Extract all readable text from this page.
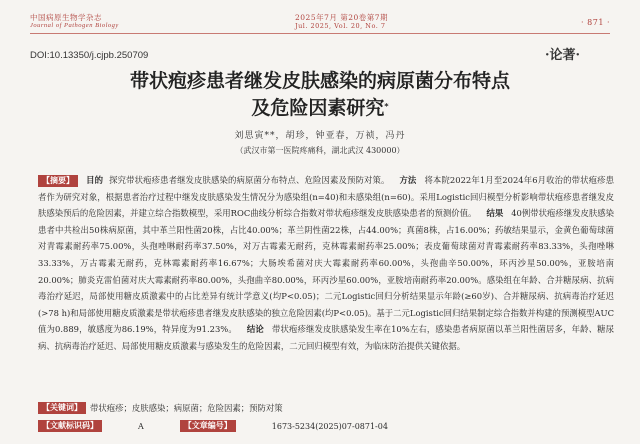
中国病原生物学杂志
Journal of Pathogen Biology
2025年7月 第20卷第7期
Jul. 2025, Vol. 20, No. 7	· 871 ·
DOI:10.13350/j.cjpb.250709	·论著·
带状疱疹患者继发皮肤感染的病原菌分布特点
及危险因素研究*
刘思寅**，胡珍，钟亚春，万祯，冯丹
（武汉市第一医院疼痛科，湖北武汉 430000）
【摘要】 目的 探究带状疱疹患者继发皮肤感染的病原菌分布特点、危险因素及预防对策。 方法 将本院2022年1月至2024年6月收治的带状疱疹患者作为研究对象，根据患者治疗过程中继发皮肤感染发生情况分为感染组(n=40)和未感染组(n=60)。采用Logistic回归模型分析影响带状疱疹患者继发皮肤感染预后的危险因素，并建立综合指数模型，采用ROC曲线分析综合指数对带状疱疹继发皮肤感染患者的预测价值。 结果 40例带状疱疹继发皮肤感染患者中共检出50株病原菌，其中革兰阳性菌20株，占比40.00%；革兰阴性菌22株，占44.00%；真菌8株，占16.00%；药敏结果显示，金黄色葡萄球菌对青霉素耐药率75.00%，头孢唑啉耐药率37.50%，对万古霉素无耐药，克林霉素耐药率25.00%；表皮葡萄球菌对青霉素耐药率83.33%，头孢唑啉33.33%，万古霉素无耐药，克林霉素耐药率16.67%；大肠埃希菌对庆大霉素耐药率60.00%，头孢曲辛50.00%，环丙沙星50.00%，亚胺培南20.00%；肺炎克雷伯菌对庆大霉素耐药率80.00%，头孢曲辛80.00%，环丙沙星60.00%，亚胺培南耐药率20.00%。感染组在年龄、合并糖尿病、抗病毒治疗延迟，局部使用糖皮质激素中的占比差异有统计学意义(均P<0.05)；二元Logistic回归分析结果显示年龄(≥60岁)、合并糖尿病、抗病毒治疗延迟(>78 h)和局部使用糖皮质激素是带状疱疹患者继发皮肤感染的独立危险因素(均P<0.05)。基于二元Logistic回归结果制定综合指数并构建的预测模型AUC值为0.889，敏感度为86.19%，特异度为91.23%。 结论 带状疱疹继发皮肤感染发生率在10%左右，感染患者病原菌以革兰阳性菌居多，年龄、糖尿病、抗病毒治疗延迟、局部使用糖皮质激素与感染发生的危险因素，二元回归模型有效，为临床防治提供关键依据。
【关键词】 带状疱疹；皮肤感染；病原菌；危险因素；预防对策
【文献标识码】	A	【文章编号】	1673-5234(2025)07-0871-04
